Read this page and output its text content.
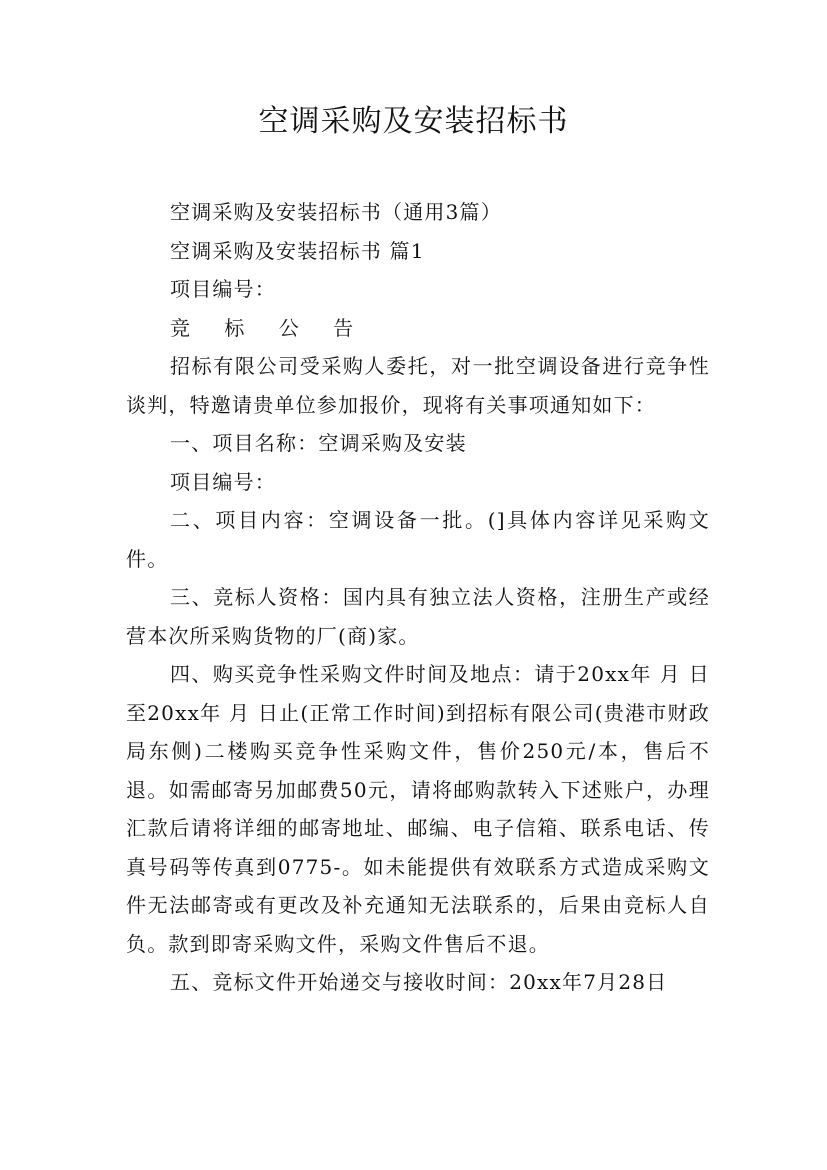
空调采购及安装招标书

空调采购及安装招标书（通用3篇）

空调采购及安装招标书 篇1

项目编号：

竞 标 公 告

招标有限公司受采购人委托，对一批空调设备进行竞争性谈判，特邀请贵单位参加报价，现将有关事项通知如下：

一、项目名称：空调采购及安装

项目编号：

二、项目内容：空调设备一批。(]具体内容详见采购文件。

三、竞标人资格：国内具有独立法人资格，注册生产或经营本次所采购货物的厂(商)家。

四、购买竞争性采购文件时间及地点：请于20xx年 月 日至20xx年 月 日止(正常工作时间)到招标有限公司(贵港市财政局东侧)二楼购买竞争性采购文件，售价250元/本，售后不退。如需邮寄另加邮费50元，请将邮购款转入下述账户，办理汇款后请将详细的邮寄地址、邮编、电子信箱、联系电话、传真号码等传真到0775-。如未能提供有效联系方式造成采购文件无法邮寄或有更改及补充通知无法联系的，后果由竞标人自负。款到即寄采购文件，采购文件售后不退。

五、竞标文件开始递交与接收时间：20xx年7月28日
